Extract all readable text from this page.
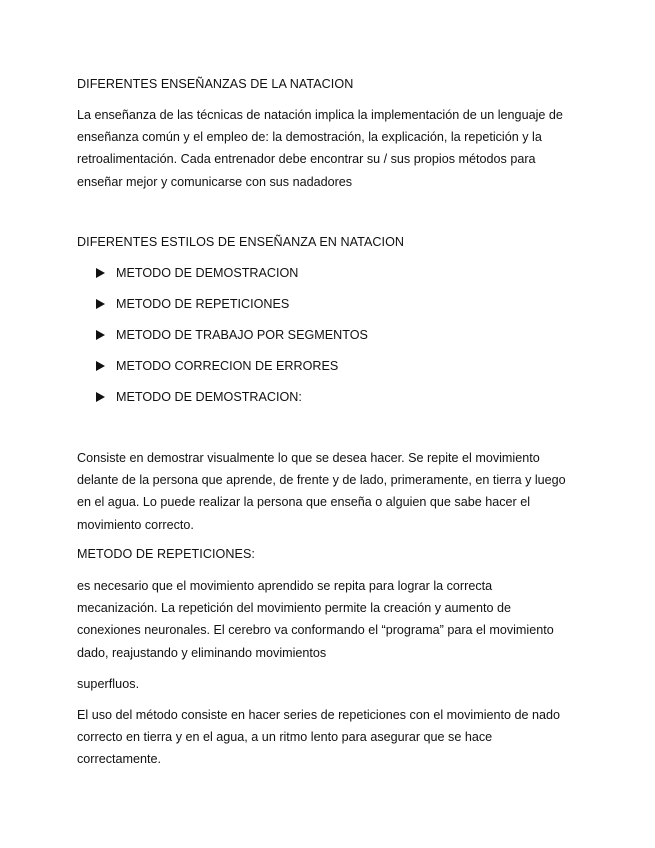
DIFERENTES ENSEÑANZAS DE LA NATACION
La enseñanza de las técnicas de natación implica la implementación de un lenguaje de
enseñanza común y el empleo de: la demostración, la explicación, la repetición y la
retroalimentación. Cada entrenador debe encontrar su / sus propios métodos para
enseñar mejor y comunicarse con sus nadadores
DIFERENTES ESTILOS DE ENSEÑANZA EN NATACION
METODO DE DEMOSTRACION
METODO DE REPETICIONES
METODO DE TRABAJO POR SEGMENTOS
METODO CORRECION DE ERRORES
METODO DE DEMOSTRACION:
Consiste en demostrar visualmente lo que se desea hacer. Se repite el movimiento
delante de la persona que aprende, de frente y de lado, primeramente, en tierra y luego
en el agua. Lo puede realizar la persona que enseña o alguien que sabe hacer el
movimiento correcto.
METODO DE REPETICIONES:
es necesario que el movimiento aprendido se repita para lograr la correcta
mecanización. La repetición del movimiento permite la creación y aumento de
conexiones neuronales. El cerebro va conformando el “programa” para el movimiento
dado, reajustando y eliminando movimientos
superfluos.
El uso del método consiste en hacer series de repeticiones con el movimiento de nado
correcto en tierra y en el agua, a un ritmo lento para asegurar que se hace
correctamente.
